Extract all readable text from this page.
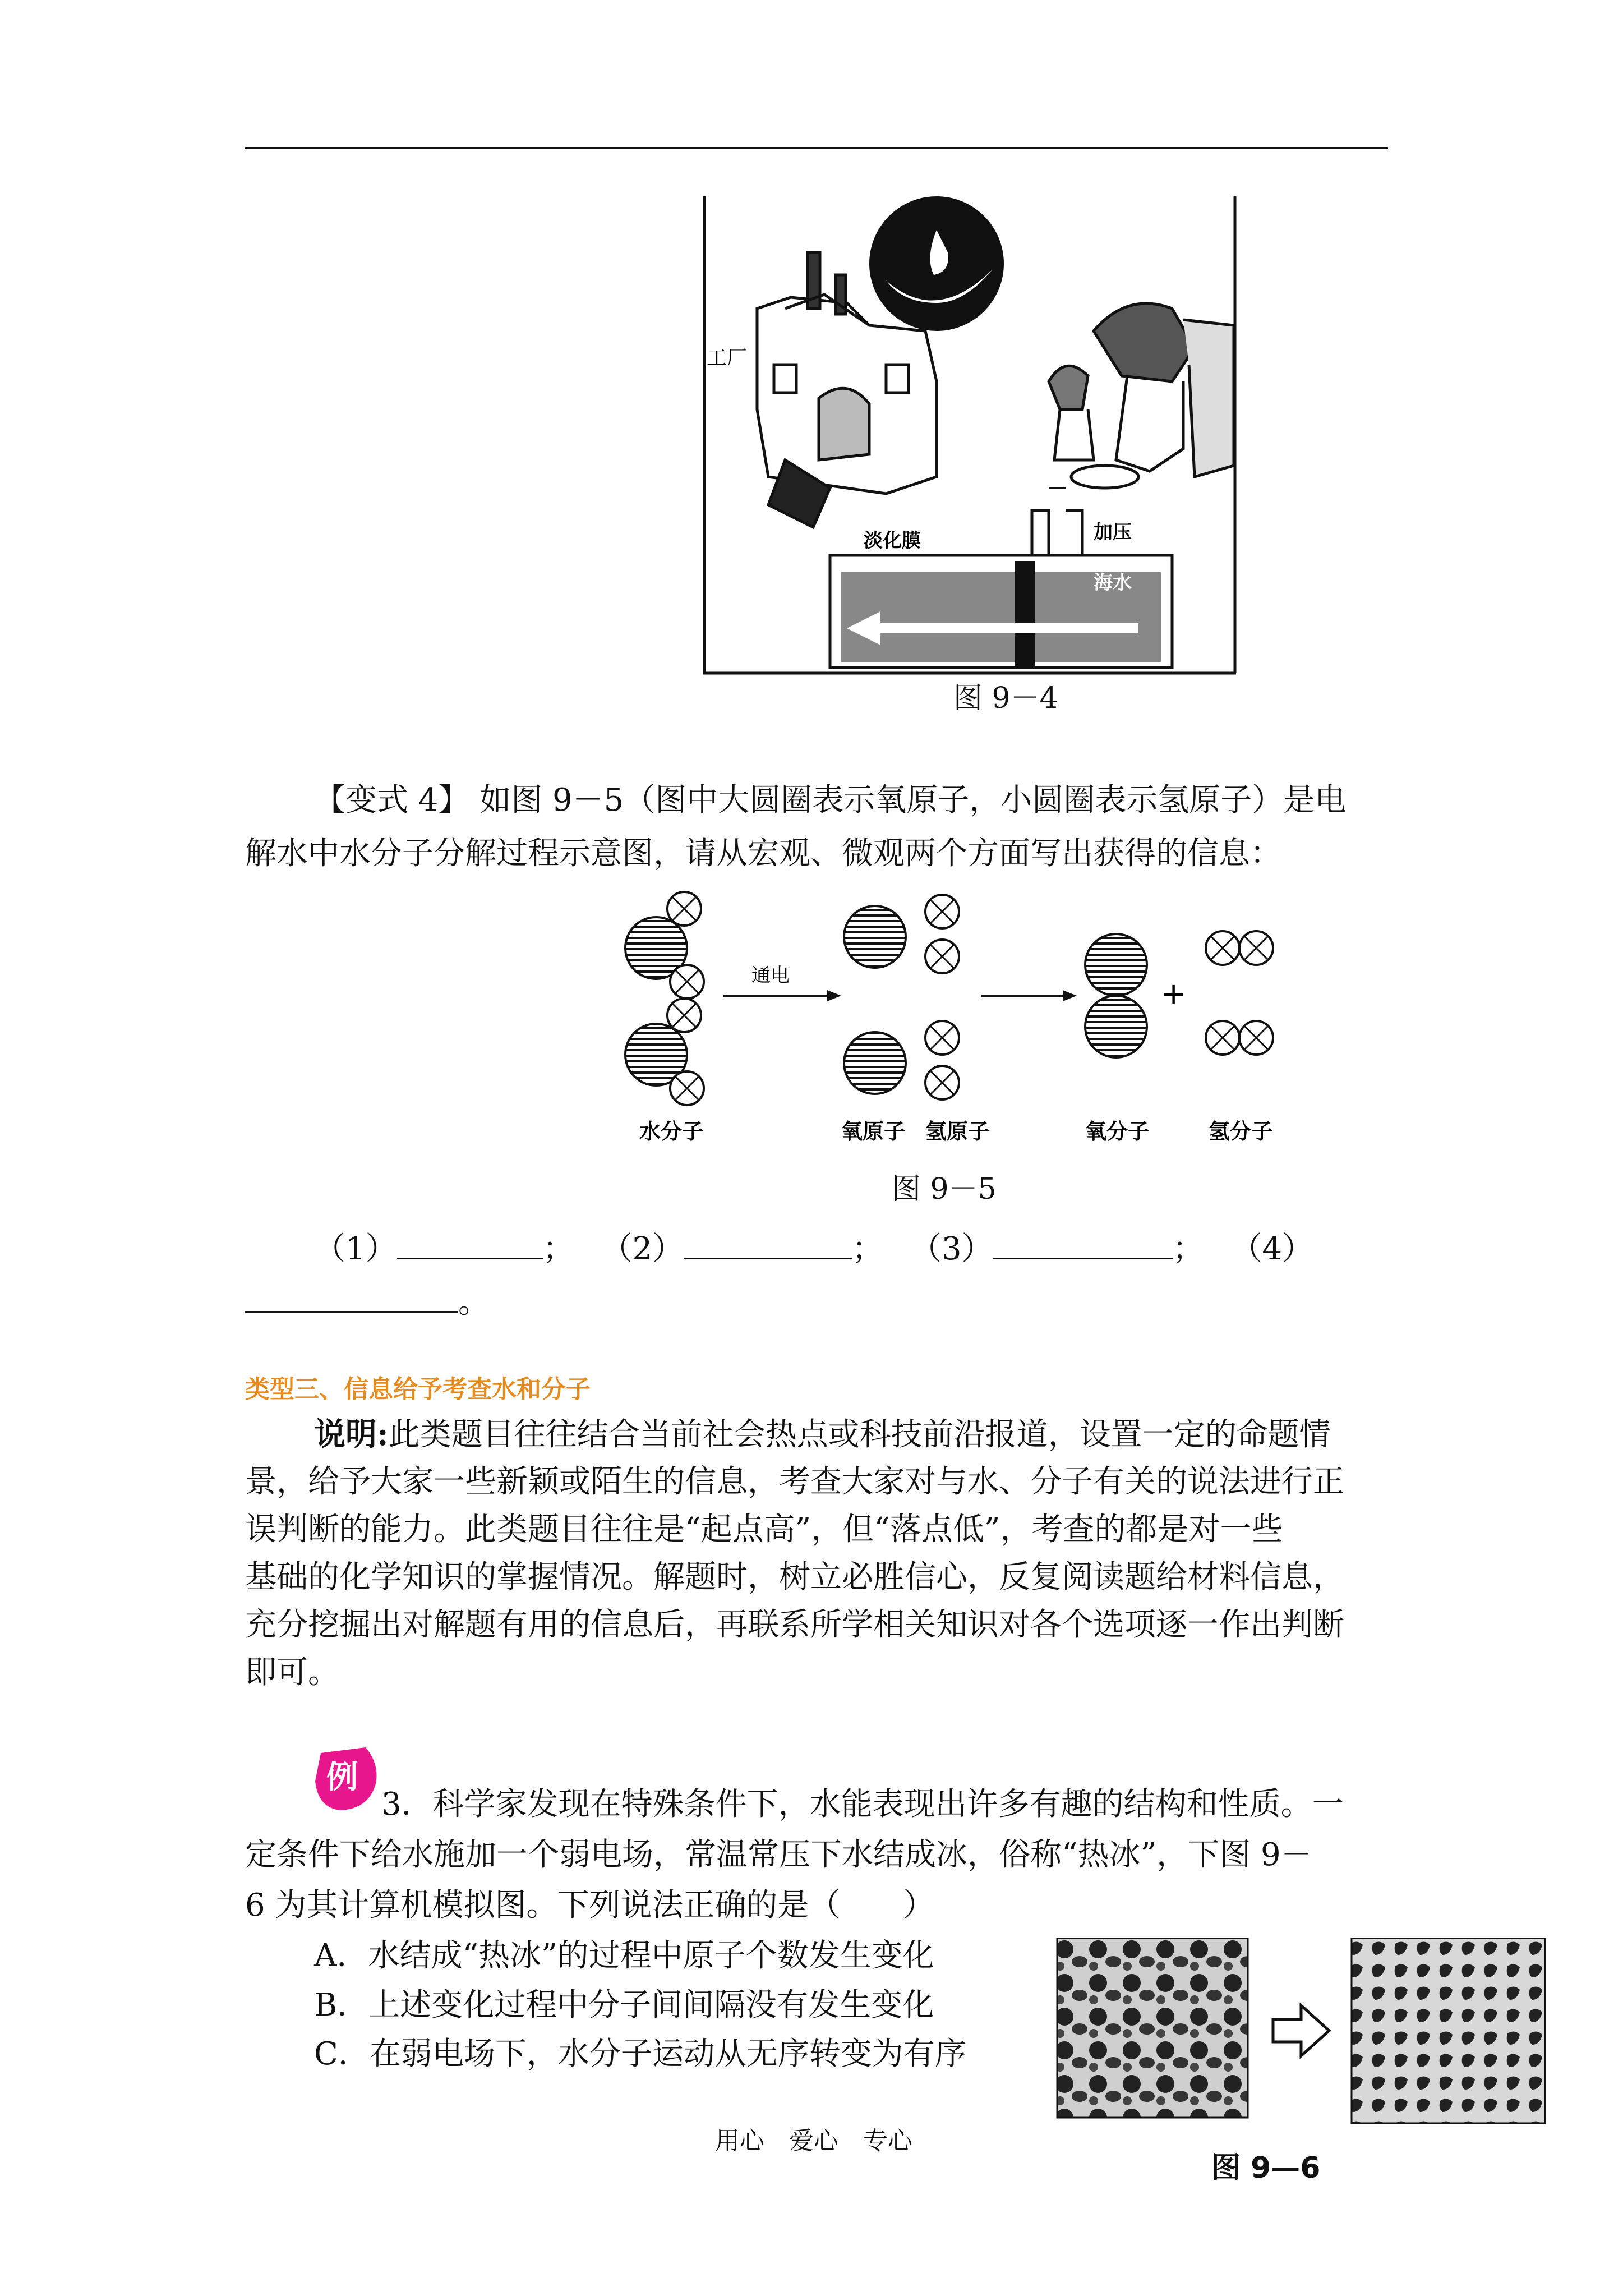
工厂
淡化膜	加压
海水
图 9－4
【变式 4】 如图 9－5（图中大圆圈表示氧原子，小圆圈表示氢原子）是电
解水中水分子分解过程示意图，请从宏观、微观两个方面写出获得的信息：
通电
+
水分子	氧原子 氢原子	氧分子	氢分子
图 9－5
（1）	； （2）	； （3）	； （4）
。
类型三、信息给予考查水和分子
说明:此类题目往往结合当前社会热点或科技前沿报道，设置一定的命题情
景，给予大家一些新颖或陌生的信息，考查大家对与水、分子有关的说法进行正
误判断的能力。此类题目往往是“起点高”，但“落点低”，考查的都是对一些
基础的化学知识的掌握情况。解题时，树立必胜信心，反复阅读题给材料信息，
充分挖掘出对解题有用的信息后，再联系所学相关知识对各个选项逐一作出判断
即可。
例
3．科学家发现在特殊条件下，水能表现出许多有趣的结构和性质。一
定条件下给水施加一个弱电场，常温常压下水结成冰，俗称“热冰”，下图 9－
6 为其计算机模拟图。下列说法正确的是（　　）
A．水结成“热冰”的过程中原子个数发生变化
B．上述变化过程中分子间间隔没有发生变化
C．在弱电场下，水分子运动从无序转变为有序
图 9—6
用心　爱心　专心
